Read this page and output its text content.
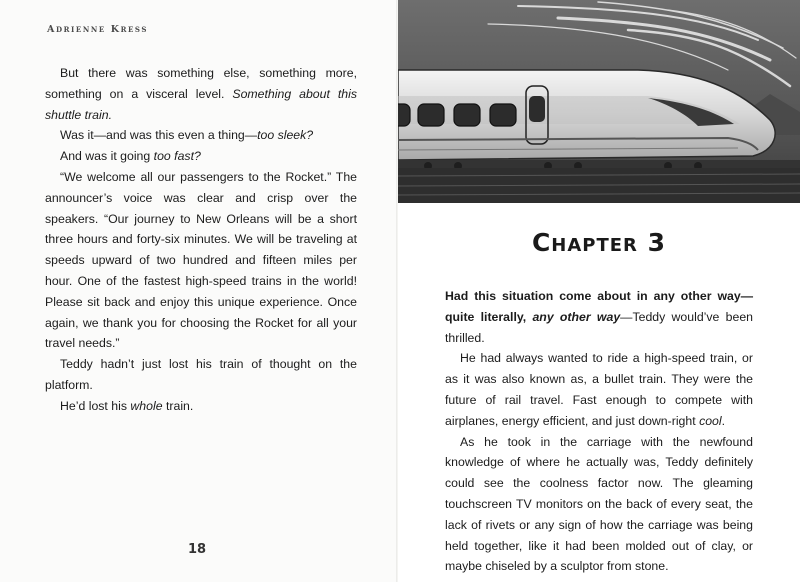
Adrienne Kress

But there was something else, something more, something on a visceral level. Something about this shuttle train.

Was it—and was this even a thing—too sleek?

And was it going too fast?

“We welcome all our passengers to the Rocket.” The announcer’s voice was clear and crisp over the speakers. “Our journey to New Orleans will be a short three hours and forty-six minutes. We will be traveling at speeds upward of two hundred and fifteen miles per hour. One of the fastest high-speed trains in the world! Please sit back and enjoy this unique experience. Once again, we thank you for choosing the Rocket for all your travel needs.”

Teddy hadn’t just lost his train of thought on the platform.

He’d lost his whole train.

18
Chapter 3

Had this situation come about in any other way—quite literally, any other way—Teddy would’ve been thrilled.

He had always wanted to ride a high-speed train, or as it was also known as, a bullet train. They were the future of rail travel. Fast enough to compete with airplanes, energy efficient, and just down-right cool.

As he took in the carriage with the newfound knowledge of where he actually was, Teddy definitely could see the coolness factor now. The gleaming touchscreen TV monitors on the back of every seat, the lack of rivets or any sign of how the carriage was being held together, like it had been molded out of clay, or maybe chiseled by a sculptor from stone.
